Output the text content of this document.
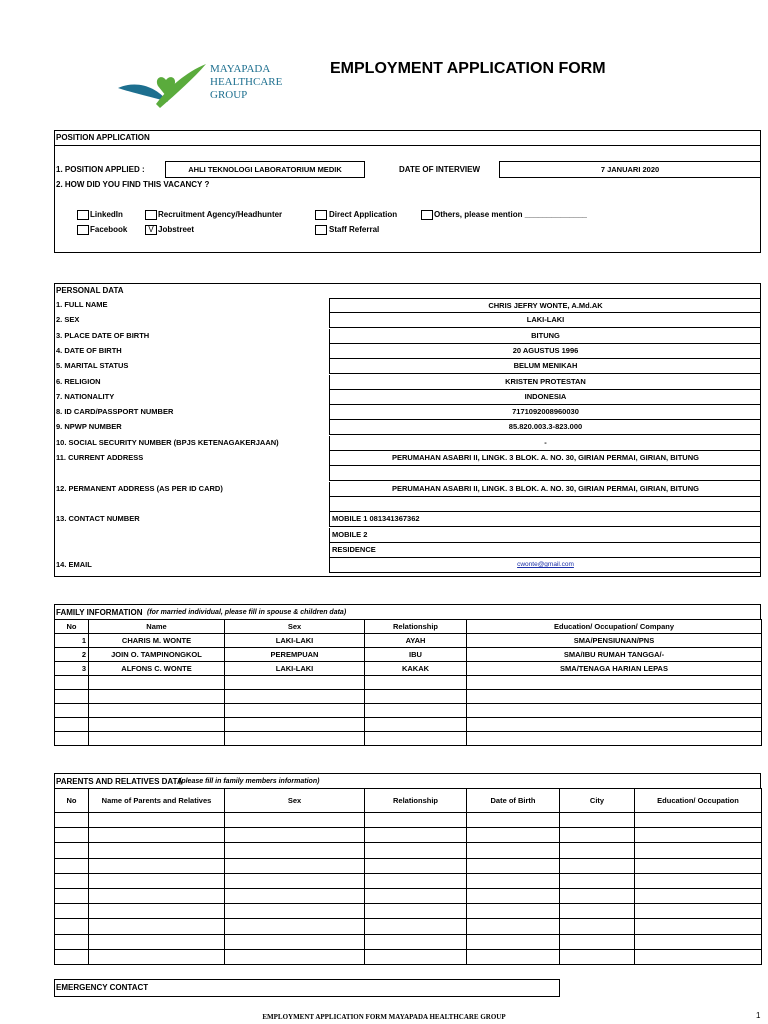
MAYAPADA
HEALTHCARE
GROUP
EMPLOYMENT APPLICATION FORM
POSITION APPLICATION
1. POSITION APPLIED :	AHLI TEKNOLOGI LABORATORIUM MEDIK	DATE OF INTERVIEW	7 JANUARI 2020
2. HOW DID YOU FIND THIS VACANCY ?
LinkedIn	Recruitment Agency/Headhunter	Direct Application	Others, please mention ______________
Facebook	V Jobstreet	Staff Referral
PERSONAL DATA
1. FULL NAME	CHRIS JEFRY WONTE, A.Md.AK
2. SEX	LAKI-LAKI
3. PLACE DATE OF BIRTH	BITUNG
4. DATE OF BIRTH	20 AGUSTUS 1996
5. MARITAL STATUS	BELUM MENIKAH
6. RELIGION	KRISTEN PROTESTAN
7. NATIONALITY	INDONESIA
8. ID CARD/PASSPORT NUMBER	7171092008960030
9. NPWP NUMBER	85.820.003.3-823.000
10. SOCIAL SECURITY NUMBER (BPJS KETENAGAKERJAAN)	-
11. CURRENT ADDRESS	PERUMAHAN ASABRI II, LINGK. 3 BLOK. A. NO. 30, GIRIAN PERMAI, GIRIAN, BITUNG
12. PERMANENT ADDRESS (AS PER ID CARD)	PERUMAHAN ASABRI II, LINGK. 3 BLOK. A. NO. 30, GIRIAN PERMAI, GIRIAN, BITUNG
13. CONTACT NUMBER	MOBILE 1 081341367362
MOBILE 2
RESIDENCE
14. EMAIL	cwonte@gmail.com
FAMILY INFORMATION (for married individual, please fill in spouse & children data)
No	Name	Sex	Relationship	Education/ Occupation/ Company
1	CHARIS M. WONTE	LAKI-LAKI	AYAH	SMA/PENSIUNAN/PNS
2	JOIN O. TAMPINONGKOL	PEREMPUAN	IBU	SMA/IBU RUMAH TANGGA/-
3	ALFONS C. WONTE	LAKI-LAKI	KAKAK	SMA/TENAGA HARIAN LEPAS

PARENTS AND RELATIVES DATA
(please fill in family members information)
No	Name of Parents and Relatives	Sex	Relationship	Date of Birth	City	Education/ Occupation

EMERGENCY CONTACT
EMPLOYMENT APPLICATION FORM MAYAPADA HEALTHCARE GROUP	1
